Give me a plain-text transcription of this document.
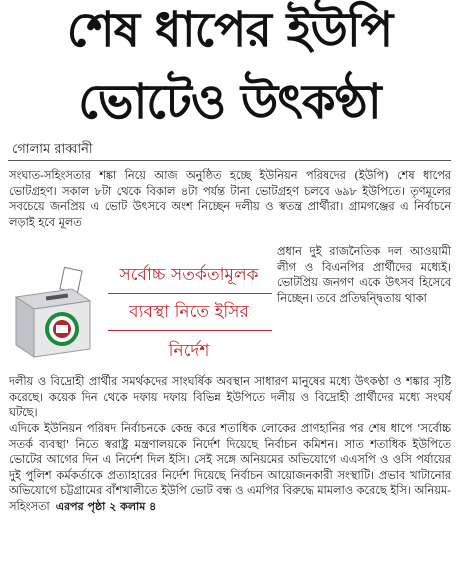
শেষ ধাপের ইউপি
ভোটেও উৎকণ্ঠা
গোলাম রাব্বানী

সংঘাত-সহিংসতার শঙ্কা নিয়ে আজ অনুষ্ঠিত হচ্ছে ইউনিয়ন পরিষদের (ইউপি) শেষ ধাপের ভোটগ্রহণ। সকাল ৮টা থেকে বিকাল ৪টা পর্যন্ত টানা ভোটগ্রহণ চলবে ৬৯৮ ইউপিতে। তৃণমূলের সবচেয়ে জনপ্রিয় এ ভোট উৎসবে অংশ নিচ্ছেন দলীয় ও স্বতন্ত্র প্রার্থীরা। গ্রামগঞ্জের এ নির্বাচনে লড়াই হবে মূলত

সর্বোচ্চ সতর্কতামূলক
ব্যবস্থা নিতে ইসির
নির্দেশ

প্রধান দুই রাজনৈতিক দল আওয়ামী লীগ ও বিএনপির প্রার্থীদের মধ্যেই। ভোটপ্রিয় জনগণ একে উৎসব হিসেবে নিচ্ছেন। তবে প্রতিদ্বন্দ্বিতায় থাকা

দলীয় ও বিদ্রোহী প্রার্থীর সমর্থকদের সাংঘর্ষিক অবস্থান সাধারণ মানুষের মধ্যে উৎকণ্ঠা ও শঙ্কার সৃষ্টি করেছে। কয়েক দিন থেকে দফায় দফায় বিভিন্ন ইউপিতে দলীয় ও বিদ্রোহী প্রার্থীদের মধ্যে সংঘর্ষ ঘটছে।

এদিকে ইউনিয়ন পরিষদ নির্বাচনকে কেন্দ্র করে শতাধিক লোকের প্রাণহানির পর শেষ ধাপে 'সর্বোচ্চ সতর্ক ব্যবস্থা' নিতে স্বরাষ্ট্র মন্ত্রণালয়কে নির্দেশ দিয়েছে নির্বাচন কমিশন। সাত শতাধিক ইউপিতে ভোটের আগের দিন এ নির্দেশ দিল ইসি। সেই সঙ্গে অনিয়মের অভিযোগে এএসপি ও ওসি পর্যায়ের দুই পুলিশ কর্মকর্তাকে প্রত্যাহারের নির্দেশ দিয়েছে নির্বাচন আয়োজনকারী সংস্থাটি। প্রভাব খাটানোর অভিযোগে চট্টগ্রামের বাঁশখালীতে ইউপি ভোট বন্ধ ও এমপির বিরুদ্ধে মামলাও করেছে ইসি। অনিয়ম-সহিংসতা এরপর পৃষ্ঠা ২ কলাম ৪
